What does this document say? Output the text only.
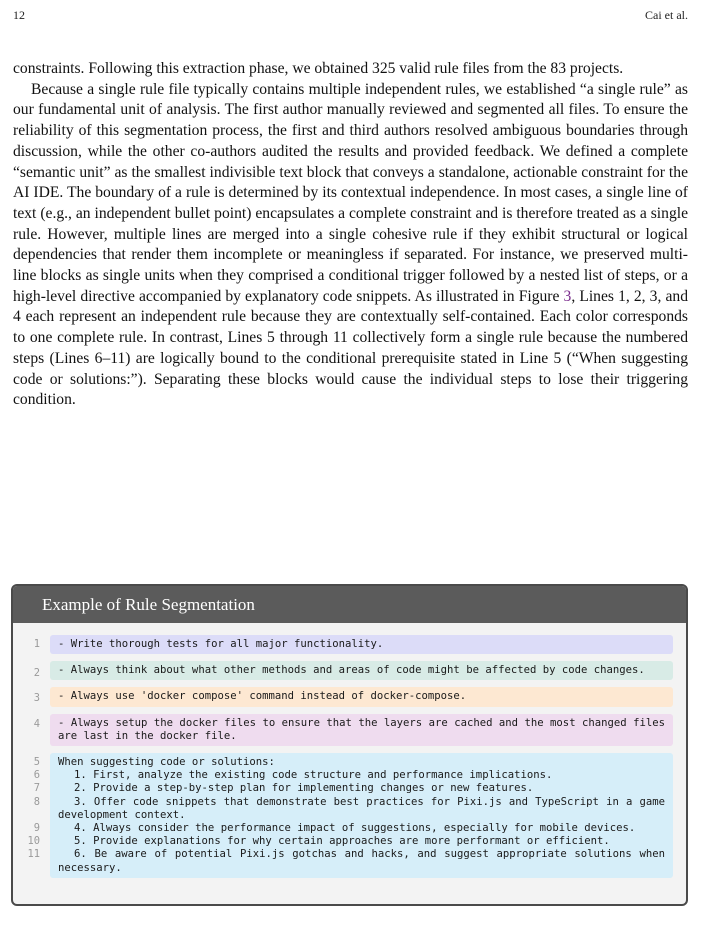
12	Cai et al.

constraints. Following this extraction phase, we obtained 325 valid rule files from the 83 projects.

Because a single rule file typically contains multiple independent rules, we established “a single rule” as our fundamental unit of analysis. The first author manually reviewed and segmented all files. To ensure the reliability of this segmentation process, the first and third authors resolved ambiguous boundaries through discussion, while the other co-authors audited the results and provided feedback. We defined a complete “semantic unit” as the smallest indivisible text block that conveys a standalone, actionable constraint for the AI IDE. The boundary of a rule is determined by its contextual independence. In most cases, a single line of text (e.g., an independent bullet point) encapsulates a complete constraint and is therefore treated as a single rule. However, multiple lines are merged into a single cohesive rule if they exhibit structural or logical dependencies that render them incomplete or meaningless if separated. For instance, we preserved multi-line blocks as single units when they comprised a conditional trigger followed by a nested list of steps, or a high-level directive accompanied by explanatory code snippets. As illustrated in Figure 3, Lines 1, 2, 3, and 4 each represent an independent rule because they are contextually self-contained. Each color corresponds to one complete rule. In contrast, Lines 5 through 11 collectively form a single rule because the numbered steps (Lines 6–11) are logically bound to the conditional prerequisite stated in Line 5 (“When suggesting code or solutions:”). Separating these blocks would cause the individual steps to lose their triggering condition.

Example of Rule Segmentation
1 - Write thorough tests for all major functionality.
2 - Always think about what other methods and areas of code might be affected by code changes.
3 - Always use 'docker compose' command instead of docker-compose.
4 - Always setup the docker files to ensure that the layers are cached and the most changed files are last in the docker file.
5
6
7
8
9
10
11
When suggesting code or solutions:
1. First, analyze the existing code structure and performance implications.
2. Provide a step-by-step plan for implementing changes or new features.
3. Offer code snippets that demonstrate best practices for Pixi.js and TypeScript in a game development context.
4. Always consider the performance impact of suggestions, especially for mobile devices.
5. Provide explanations for why certain approaches are more performant or efficient.
6. Be aware of potential Pixi.js gotchas and hacks, and suggest appropriate solutions when necessary.
